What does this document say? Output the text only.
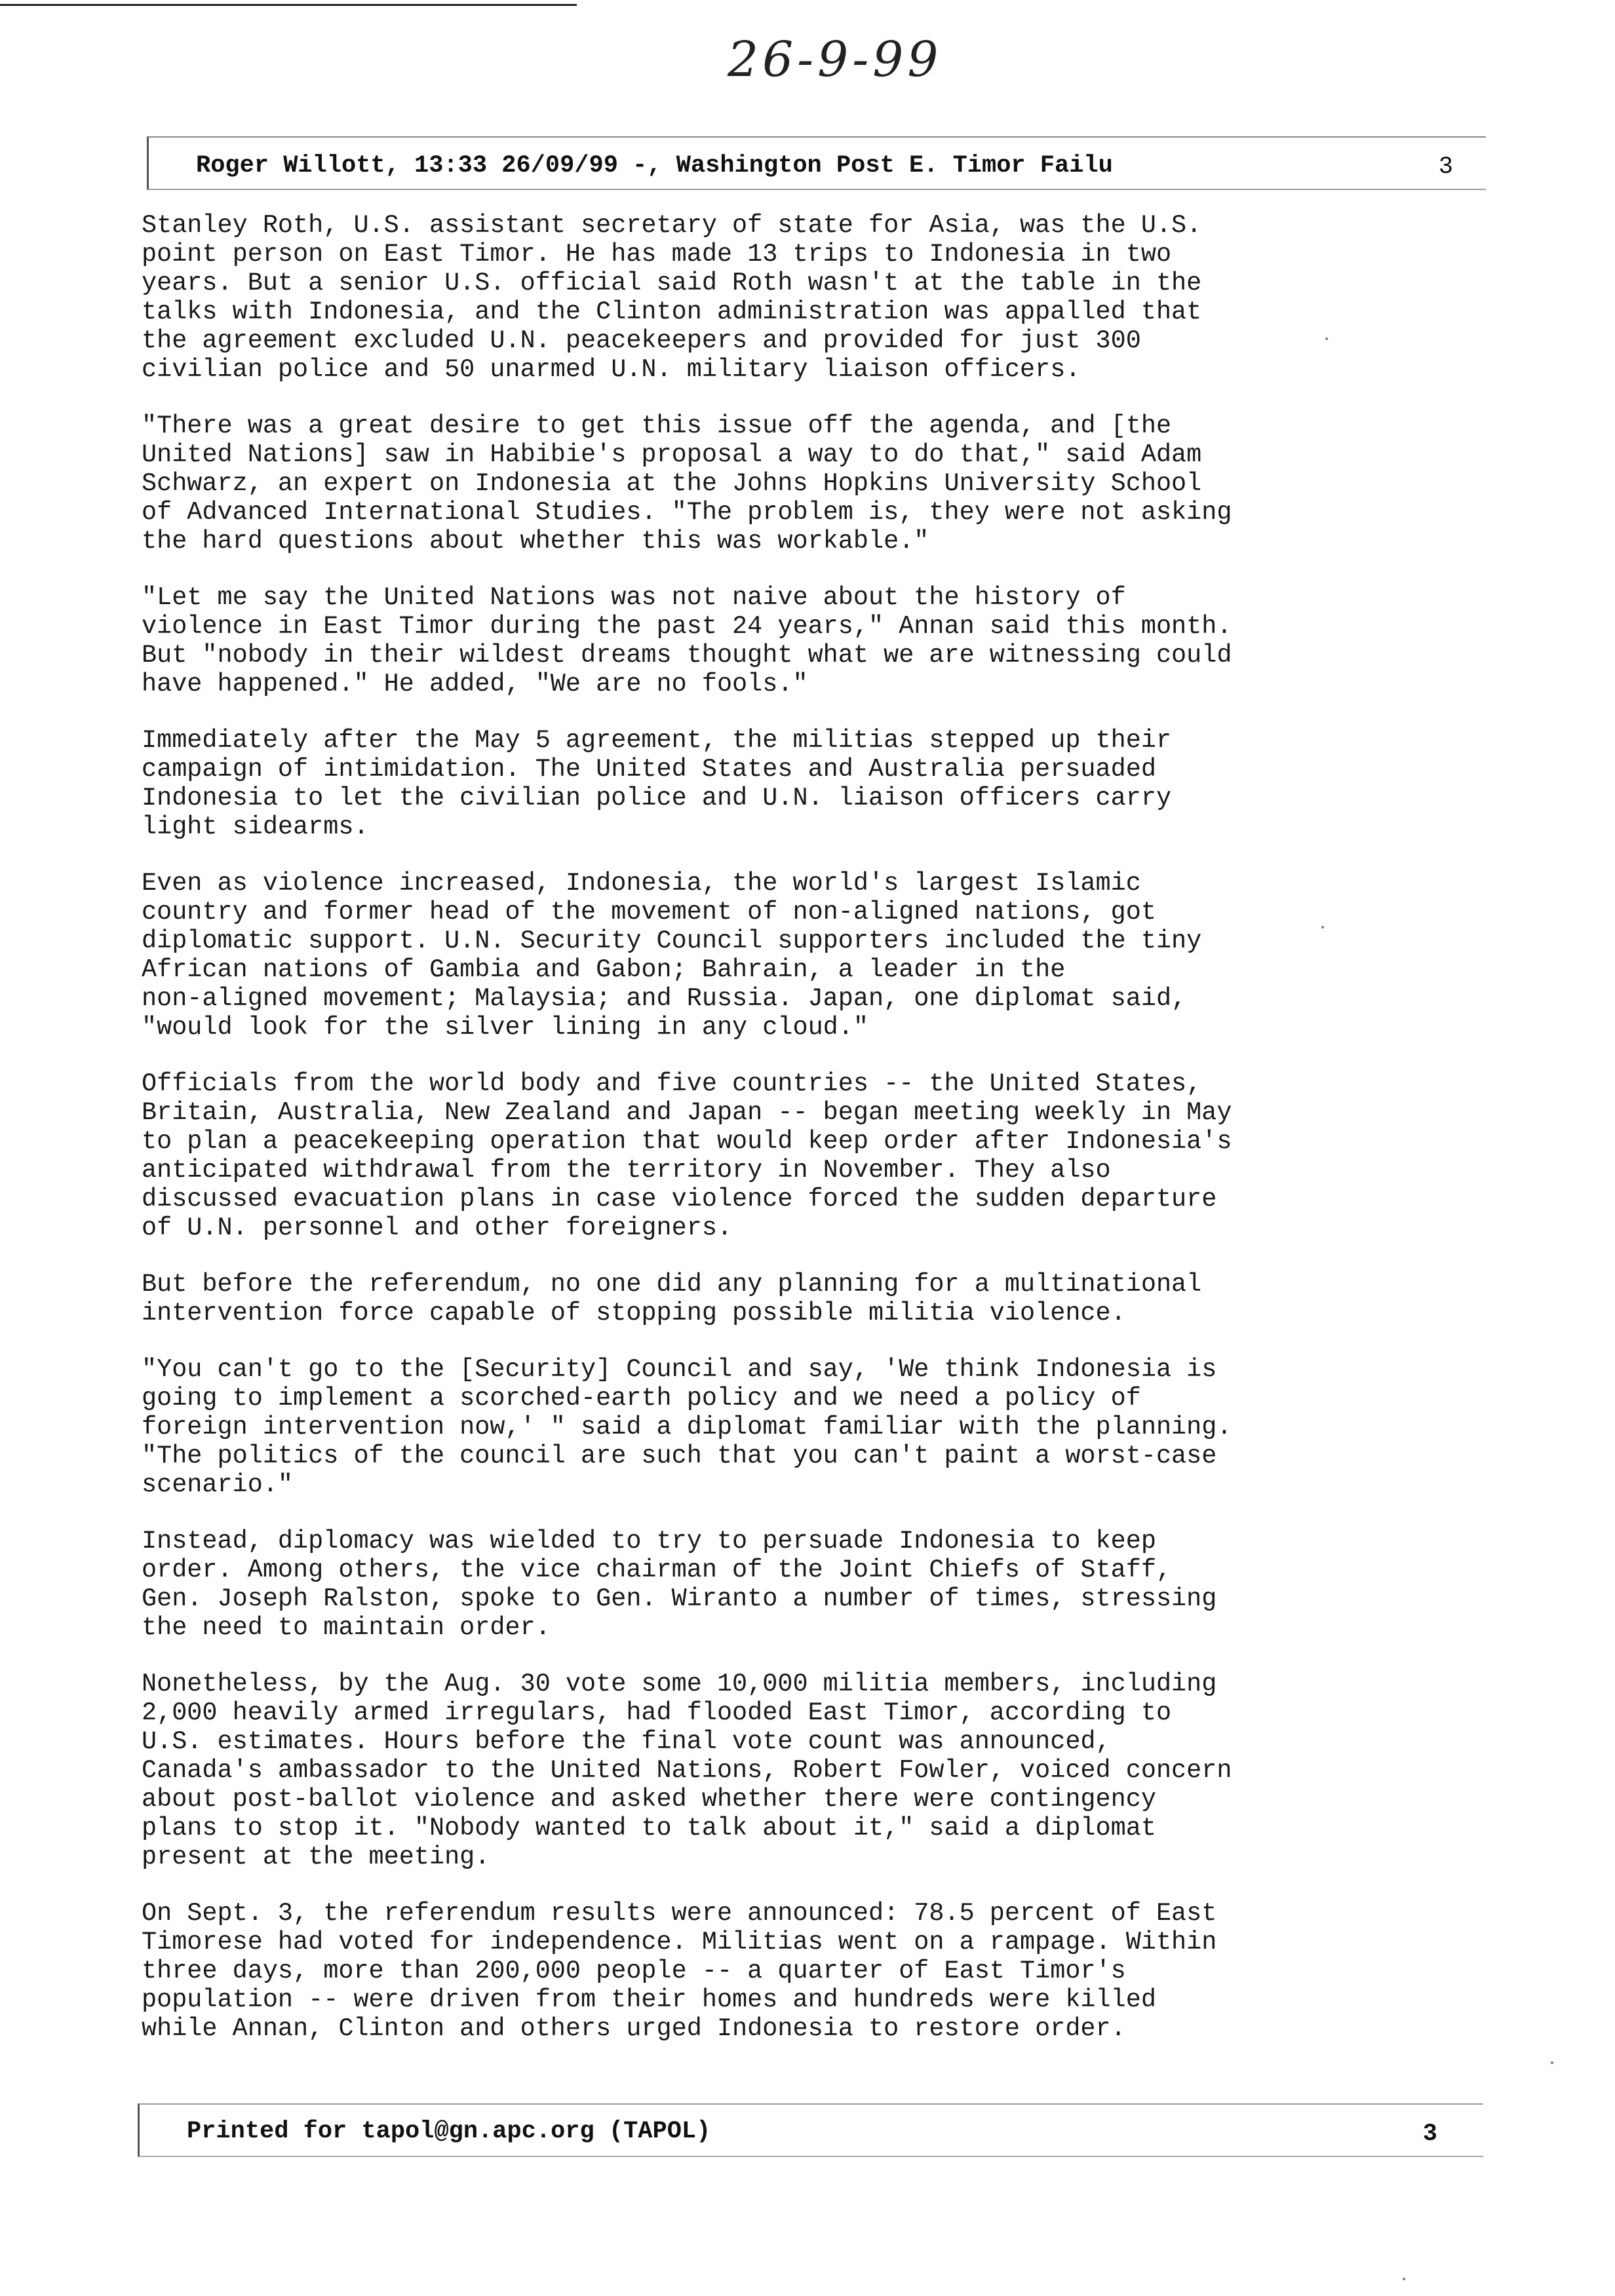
26-9-99
Roger Willott, 13:33 26/09/99 -, Washington Post E. Timor Failu	3

Stanley Roth, U.S. assistant secretary of state for Asia, was the U.S.
point person on East Timor. He has made 13 trips to Indonesia in two
years. But a senior U.S. official said Roth wasn't at the table in the
talks with Indonesia, and the Clinton administration was appalled that
the agreement excluded U.N. peacekeepers and provided for just 300
civilian police and 50 unarmed U.N. military liaison officers.

"There was a great desire to get this issue off the agenda, and [the
United Nations] saw in Habibie's proposal a way to do that," said Adam
Schwarz, an expert on Indonesia at the Johns Hopkins University School
of Advanced International Studies. "The problem is, they were not asking
the hard questions about whether this was workable."

"Let me say the United Nations was not naive about the history of
violence in East Timor during the past 24 years," Annan said this month.
But "nobody in their wildest dreams thought what we are witnessing could
have happened." He added, "We are no fools."

Immediately after the May 5 agreement, the militias stepped up their
campaign of intimidation. The United States and Australia persuaded
Indonesia to let the civilian police and U.N. liaison officers carry
light sidearms.

Even as violence increased, Indonesia, the world's largest Islamic
country and former head of the movement of non-aligned nations, got
diplomatic support. U.N. Security Council supporters included the tiny
African nations of Gambia and Gabon; Bahrain, a leader in the
non-aligned movement; Malaysia; and Russia. Japan, one diplomat said,
"would look for the silver lining in any cloud."

Officials from the world body and five countries -- the United States,
Britain, Australia, New Zealand and Japan -- began meeting weekly in May
to plan a peacekeeping operation that would keep order after Indonesia's
anticipated withdrawal from the territory in November. They also
discussed evacuation plans in case violence forced the sudden departure
of U.N. personnel and other foreigners.

But before the referendum, no one did any planning for a multinational
intervention force capable of stopping possible militia violence.

"You can't go to the [Security] Council and say, 'We think Indonesia is
going to implement a scorched-earth policy and we need a policy of
foreign intervention now,' " said a diplomat familiar with the planning.
"The politics of the council are such that you can't paint a worst-case
scenario."

Instead, diplomacy was wielded to try to persuade Indonesia to keep
order. Among others, the vice chairman of the Joint Chiefs of Staff,
Gen. Joseph Ralston, spoke to Gen. Wiranto a number of times, stressing
the need to maintain order.

Nonetheless, by the Aug. 30 vote some 10,000 militia members, including
2,000 heavily armed irregulars, had flooded East Timor, according to
U.S. estimates. Hours before the final vote count was announced,
Canada's ambassador to the United Nations, Robert Fowler, voiced concern
about post-ballot violence and asked whether there were contingency
plans to stop it. "Nobody wanted to talk about it," said a diplomat
present at the meeting.

On Sept. 3, the referendum results were announced: 78.5 percent of East
Timorese had voted for independence. Militias went on a rampage. Within
three days, more than 200,000 people -- a quarter of East Timor's
population -- were driven from their homes and hundreds were killed
while Annan, Clinton and others urged Indonesia to restore order.

Printed for tapol@gn.apc.org (TAPOL)	3
